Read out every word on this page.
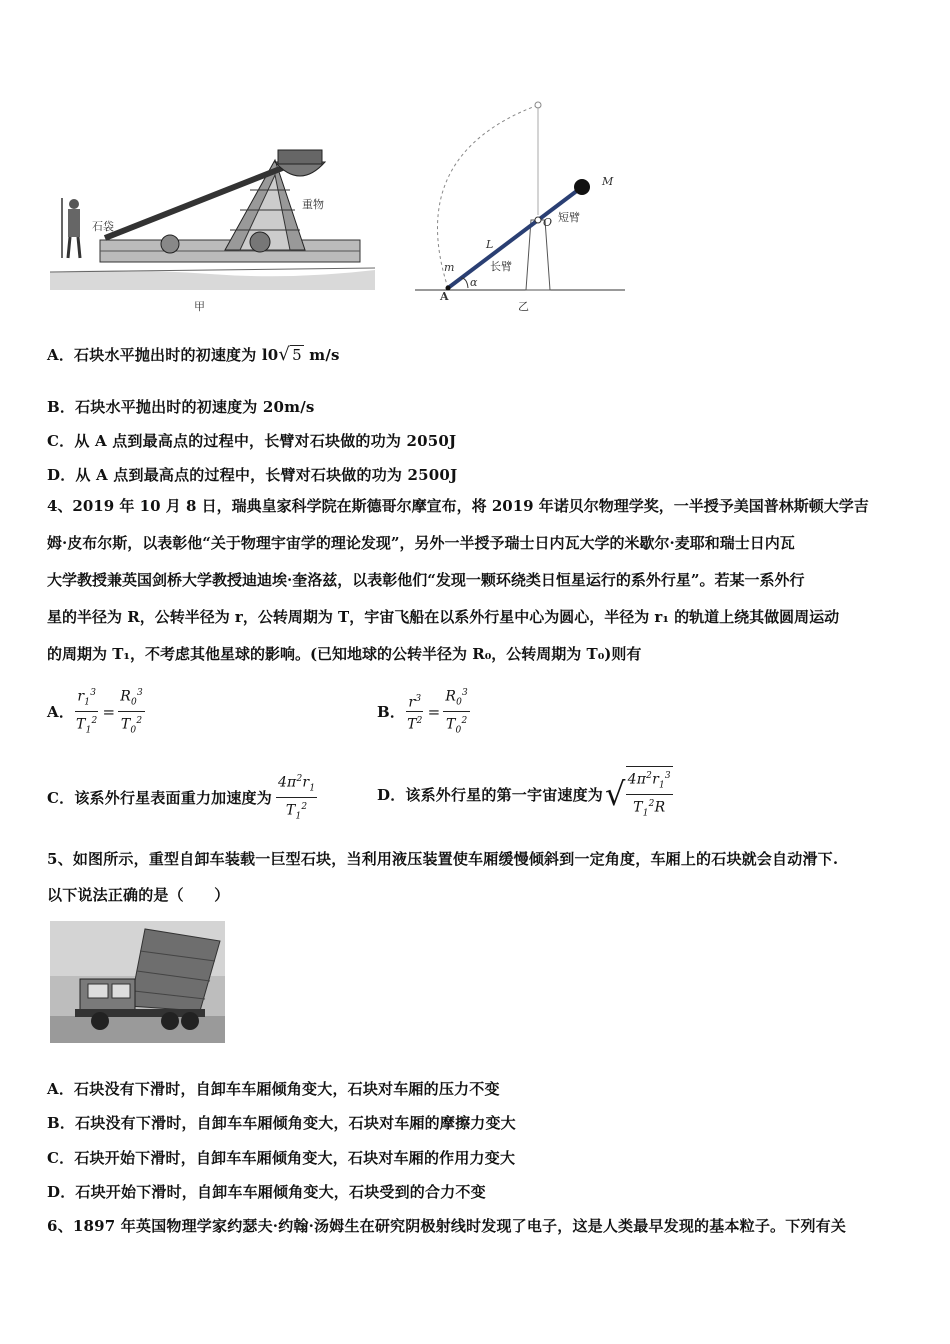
石袋
重物
甲
M
O 短臂
L
长臂
m
A
α
乙
A．石块水平抛出时的初速度为 l0√ 5 m/s
B．石块水平抛出时的初速度为 20m/s
C．从 A 点到最高点的过程中，长臂对石块做的功为 2050J
D．从 A 点到最高点的过程中，长臂对石块做的功为 2500J
4、2019 年 10 月 8 日，瑞典皇家科学院在斯德哥尔摩宣布，将 2019 年诺贝尔物理学奖，一半授予美国普林斯顿大学吉
姆·皮布尔斯，以表彰他“关于物理宇宙学的理论发现”，另外一半授予瑞士日内瓦大学的米歇尔·麦耶和瑞士日内瓦
大学教授兼英国剑桥大学教授迪迪埃·奎洛兹，以表彰他们“发现一颗环绕类日恒星运行的系外行星”。若某一系外行
星的半径为 R，公转半径为 r，公转周期为 T，宇宙飞船在以系外行星中心为圆心，半径为 r₁ 的轨道上绕其做圆周运动
的周期为 T₁，不考虑其他星球的影响。(已知地球的公转半径为 R₀，公转周期为 T₀)则有
A． $\frac{r_1^3}{T_1^2} = \frac{R_0^3}{T_0^2}$	B． $\frac{r^3}{T^2} = \frac{R_0^3}{T_0^2}$
C．该系外行星表面重力加速度为 $\frac{4\pi^2r_1}{T_1^2}$	D．该系外行星的第一宇宙速度为 √ $\frac{4\pi^2r_1^3}{T_1^2R}$
5、如图所示，重型自卸车装载一巨型石块，当利用液压装置使车厢缓慢倾斜到一定角度，车厢上的石块就会自动滑下.
以下说法正确的是（　　）
A．石块没有下滑时，自卸车车厢倾角变大，石块对车厢的压力不变
B．石块没有下滑时，自卸车车厢倾角变大，石块对车厢的摩擦力变大
C．石块开始下滑时，自卸车车厢倾角变大，石块对车厢的作用力变大
D．石块开始下滑时，自卸车车厢倾角变大，石块受到的合力不变
6、1897 年英国物理学家约瑟夫·约翰·汤姆生在研究阴极射线时发现了电子，这是人类最早发现的基本粒子。下列有关
